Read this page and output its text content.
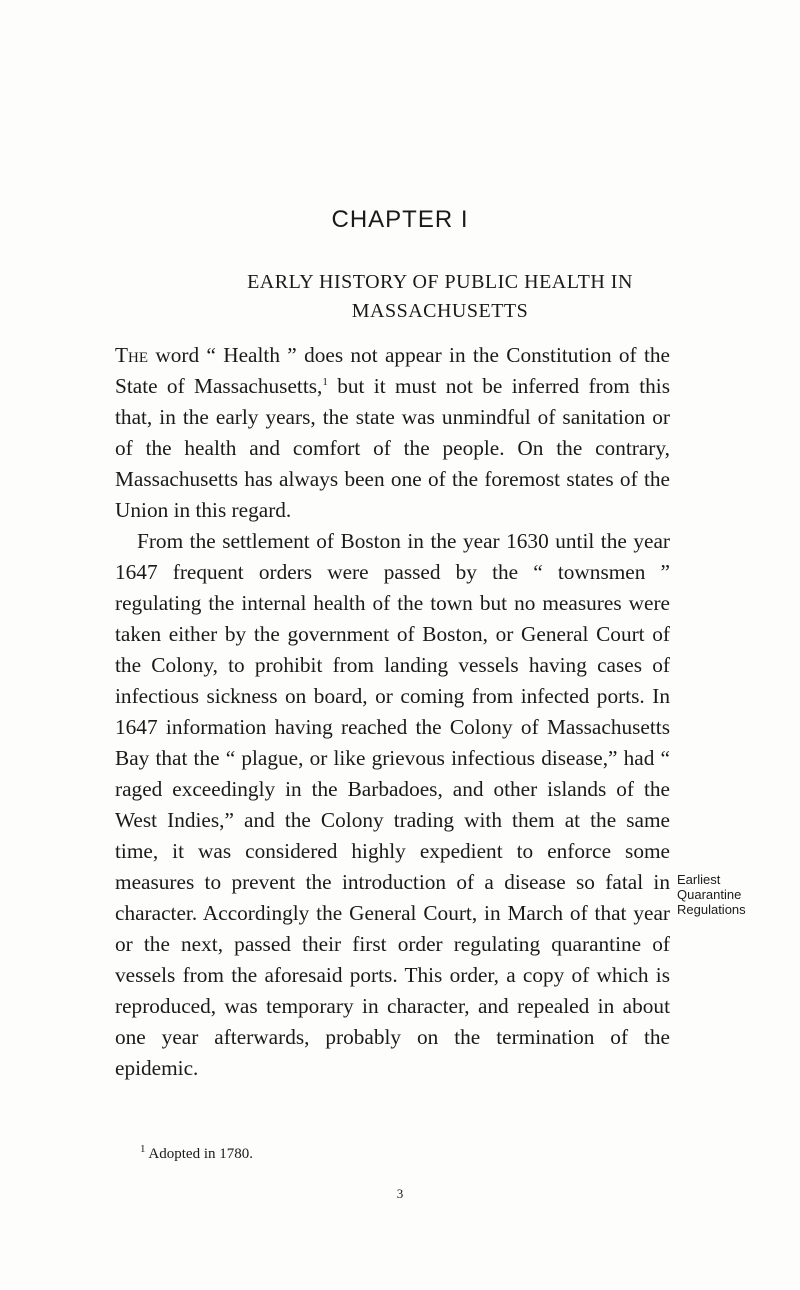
CHAPTER I
EARLY HISTORY OF PUBLIC HEALTH IN
MASSACHUSETTS

The word “ Health ” does not appear in the Constitution of the State of Massachusetts,$^1$ but it must not be inferred from this that, in the early years, the state was unmindful of sanitation or of the health and comfort of the people. On the contrary, Massachusetts has always been one of the foremost states of the Union in this regard.

From the settlement of Boston in the year 1630 until the year 1647 frequent orders were passed by the “ townsmen ” regulating the internal health of the town but no measures were taken either by the government of Boston, or General Court of the Colony, to prohibit from landing vessels having cases of infectious sickness on board, or coming from infected ports. In 1647 information having reached the Colony of Massachusetts Bay that the “ plague, or like grievous infectious disease,” had “ raged exceedingly in the Barbadoes, and other islands of the West Indies,” and the Colony trading with them at the same time, it was considered highly expedient to enforce some measures to prevent the introduction of a disease so fatal in character. Accordingly the General Court, in March of that year or the next, passed their first order regulating quarantine of vessels from the aforesaid ports. This order, a copy of which is reproduced, was temporary in character, and repealed in about one year afterwards, probably on the termination of the epidemic.

Earliest
Quarantine
Regulations
$^1$ Adopted in 1780.
3
